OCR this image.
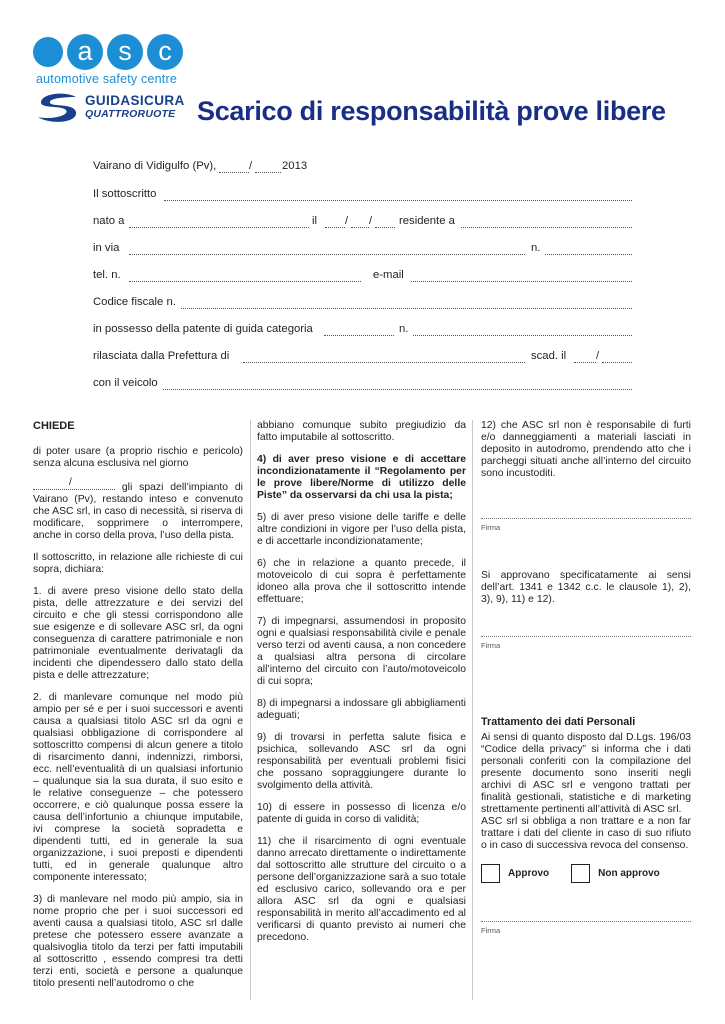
a s c
automotive safety centre
GUIDASICURA
QUATTRORUOTE Scarico di responsabilità prove libere
Vairano di Vidigulfo (Pv),	/	2013
Il sottoscritto
nato a	il	/ / residente a
in via	n.
tel. n.	e-mail
Codice fiscale n.
in possesso della patente di guida categoria	n.
rilasciata dalla Prefettura di	scad. il	/
con il veicolo
CHIEDE

di poter usare (a proprio rischio e pericolo) senza alcuna esclusiva nel giorno

/	gli spazi dell’impianto di Vairano (Pv), restando inteso e convenuto che ASC srl, in caso di necessità, si riserva di modificare, sopprimere o interrompere, anche in corso della prova, l’uso della pista.

Il sottoscritto, in relazione alle richieste di cui sopra, dichiara:

1. di avere preso visione dello stato della pista, delle attrezzature e dei servizi del circuito e che gli stessi corrispondono alle sue esigenze e di sollevare ASC srl, da ogni conseguenza di carattere patrimoniale e non patrimoniale eventualmente derivatagli da incidenti che dipendessero dallo stato della pista e delle attrezzature;

2. di manlevare comunque nel modo più ampio per sé e per i suoi successori e aventi causa a qualsiasi titolo ASC srl da ogni e qualsiasi obbligazione di corrispondere al sottoscritto compensi di alcun genere a titolo di risarcimento danni, indennizzi, rimborsi, ecc. nell’eventualità di un qualsiasi infortunio – qualunque sia la sua durata, il suo esito e le relative conseguenze – che potessero occorrere, e ciò qualunque possa essere la causa dell’infortunio a chiunque imputabile, ivi comprese la società sopradetta e dipendenti tutti, ed in generale la sua organizzazione, i suoi preposti e dipendenti tutti, ed in generale qualunque altro componente interessato;

3) di manlevare nel modo più ampio, sia in nome proprio che per i suoi successori ed aventi causa a qualsiasi titolo, ASC srl dalle pretese che potessero essere avanzate a qualsivoglia titolo da terzi per fatti imputabili al sottoscritto , essendo compresi tra detti terzi enti, società e persone a qualunque titolo presenti nell’autodromo o che

abbiano comunque subito pregiudizio da fatto imputabile al sottoscritto.

4) di aver preso visione e di accettare incondizionatamente il “Regolamento per le prove libere/Norme di utilizzo delle Piste” da osservarsi da chi usa la pista;

5) di aver preso visione delle tariffe e delle altre condizioni in vigore per l’uso della pista, e di accettarle incondizionatamente;

6) che in relazione a quanto precede, il motoveicolo di cui sopra è perfettamente idoneo alla prova che il sottoscritto intende effettuare;

7) di impegnarsi, assumendosi in proposito ogni e qualsiasi responsabilità civile e penale verso terzi od aventi causa, a non concedere a qualsiasi altra persona di circolare all’interno del circuito con l’auto/motoveicolo di cui sopra;

8) di impegnarsi a indossare gli abbigliamenti adeguati;

9) di trovarsi in perfetta salute fisica e psichica, sollevando ASC srl da ogni responsabilità per eventuali problemi fisici che possano sopraggiungere durante lo svolgimento della attività.

10) di essere in possesso di licenza e/o patente di guida in corso di validità;

11) che il risarcimento di ogni eventuale danno arrecato direttamente o indirettamente dal sottoscritto alle strutture del circuito o a persone dell’organizzazione sarà a suo totale ed esclusivo carico, sollevando ora e per allora ASC srl da ogni e qualsiasi responsabilità in merito all’accadimento ed al verificarsi di quanto previsto ai numeri che precedono.

12) che ASC srl non è responsabile di furti e/o danneggiamenti a materiali lasciati in deposito in autodromo, prendendo atto che i parcheggi situati anche all’interno del circuito sono incustoditi.

Firma

Si approvano specificatamente ai sensi dell’art. 1341 e 1342 c.c. le clausole 1), 2), 3), 9), 11) e 12).

Firma
Trattamento dei dati Personali

Ai sensi di quanto disposto dal D.Lgs. 196/03 “Codice della privacy” si informa che i dati personali conferiti con la compilazione del presente documento sono inseriti negli archivi di ASC srl e vengono trattati per finalità gestionali, statistiche e di marketing strettamente pertinenti all’attività di ASC srl.

ASC srl si obbliga a non trattare e a non far trattare i dati del cliente in caso di suo rifiuto o in caso di successiva revoca del consenso.

Approvo	Non approvo
Firma
